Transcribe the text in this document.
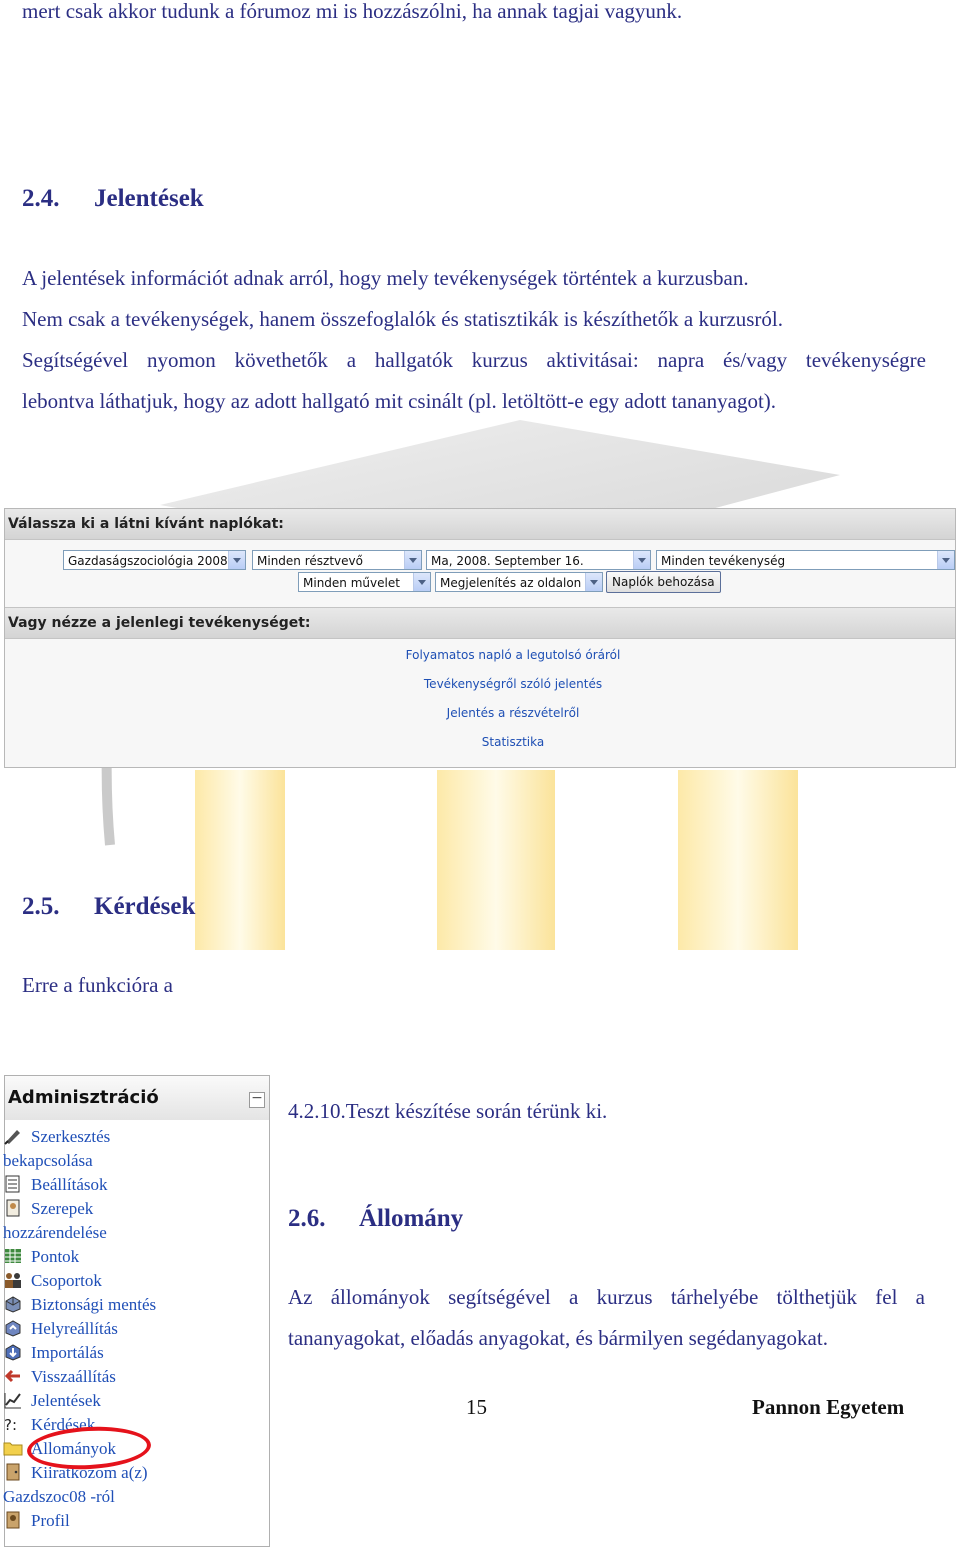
mert csak akkor tudunk a fórumoz mi is hozzászólni, ha annak tagjai vagyunk.
2.4. Jelentések
A jelentések információt adnak arról, hogy mely tevékenységek történtek a kurzusban.
Nem csak a tevékenységek, hanem összefoglalók és statisztikák is készíthetők a kurzusról.
Segítségével nyomon követhetők a hallgatók kurzus aktivitásai: napra és/vagy tevékenységre
lebontva láthatjuk, hogy az adott hallgató mit csinált (pl. letöltött-e egy adott tananyagot).
Válassza ki a látni kívánt naplókat:
Gazdaságszociológia 2008	Minden résztvevő	Ma, 2008. September 16.	Minden tevékenység
Minden művelet	Megjelenítés az oldalon	Naplók behozása
Vagy nézze a jelenlegi tevékenységet:
Folyamatos napló a legutolsó óráról
Tevékenységről szóló jelentés
Jelentés a részvételről
Statisztika
2.5. Kérdések
Erre a funkcióra a
Adminisztráció	−
Szerkesztés
bekapcsolása
Beállítások
Szerepek
hozzárendelése
Pontok
Csoportok
Biztonsági mentés
Helyreállítás
Importálás
Visszaállítás
Jelentések
?: Kérdések
Állományok
Kiiratkozom a(z)
Gazdszoc08 -ról
Profil
4.2.10.Teszt készítése során térünk ki.
2.6. Állomány
Az állományok segítségével a kurzus tárhelyébe tölthetjük fel a
tananyagokat, előadás anyagokat, és bármilyen segédanyagokat.
15	Pannon Egyetem
